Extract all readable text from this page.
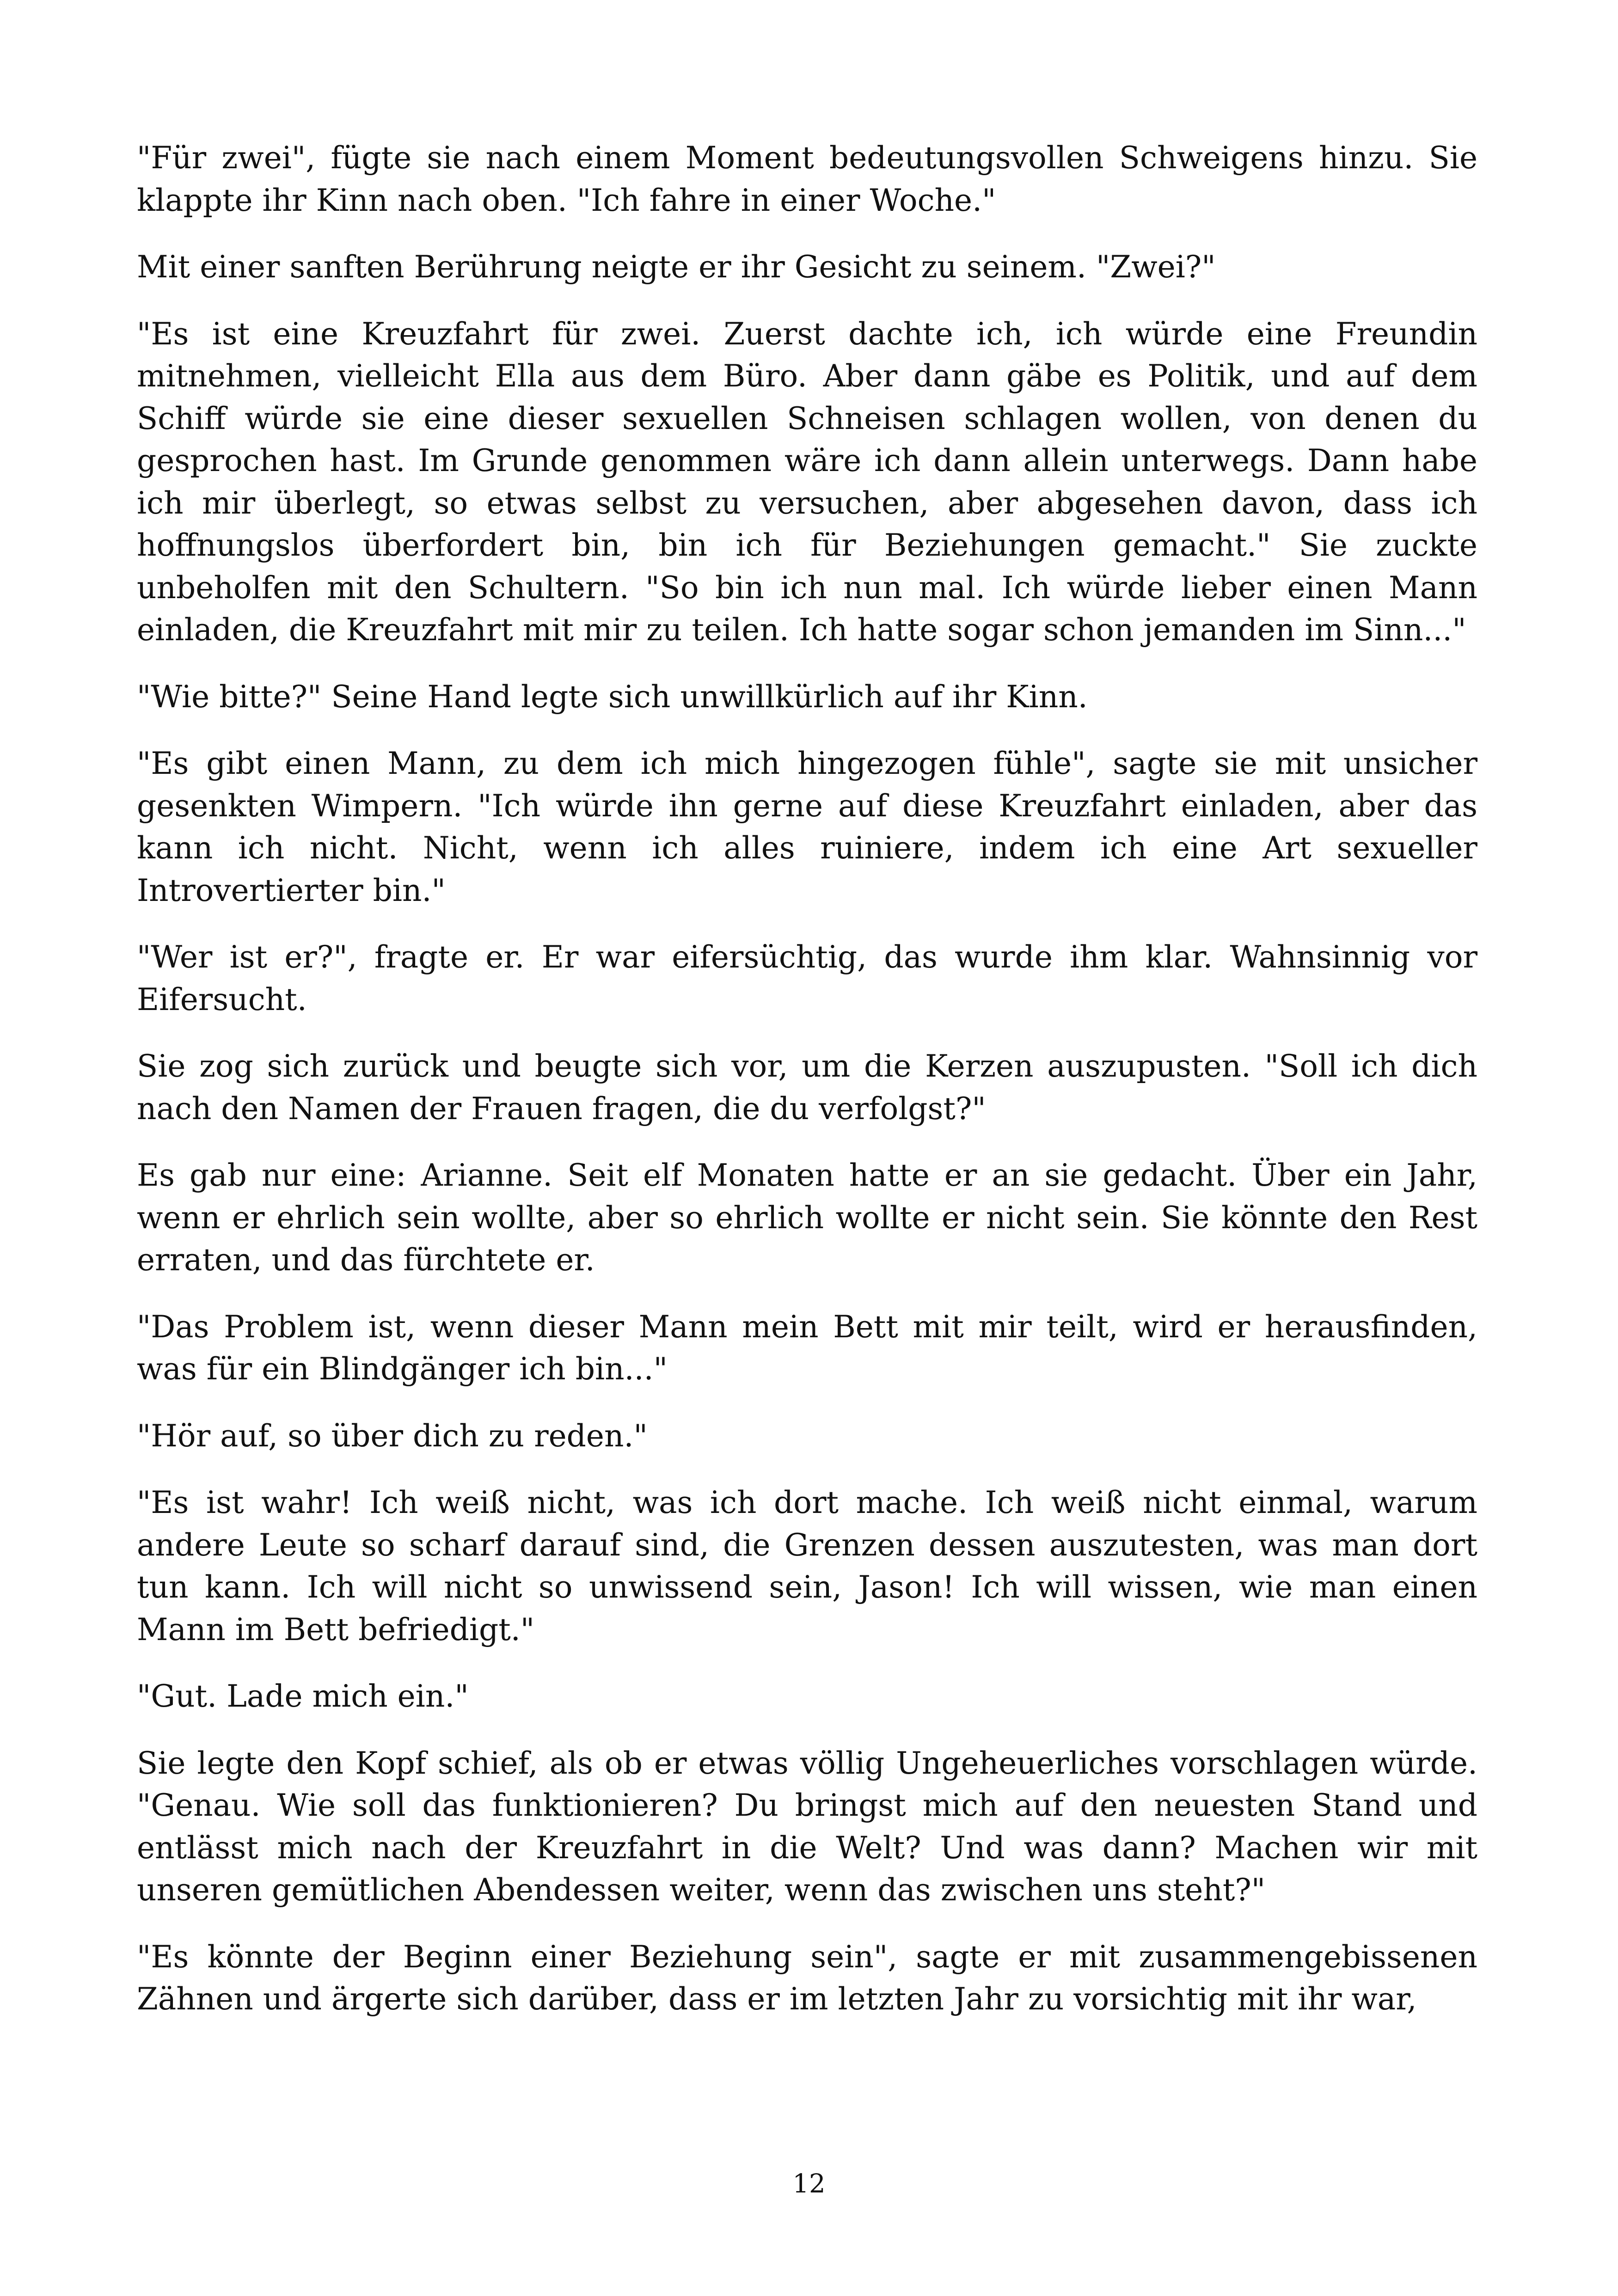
"Für zwei", fügte sie nach einem Moment bedeutungsvollen Schweigens hinzu. Sie klappte ihr Kinn nach oben. "Ich fahre in einer Woche."

Mit einer sanften Berührung neigte er ihr Gesicht zu seinem. "Zwei?"

"Es ist eine Kreuzfahrt für zwei. Zuerst dachte ich, ich würde eine Freundin mitnehmen, vielleicht Ella aus dem Büro. Aber dann gäbe es Politik, und auf dem Schiff würde sie eine dieser sexuellen Schneisen schlagen wollen, von denen du gesprochen hast. Im Grunde genommen wäre ich dann allein unterwegs. Dann habe ich mir überlegt, so etwas selbst zu versuchen, aber abgesehen davon, dass ich hoffnungslos überfordert bin, bin ich für Beziehungen gemacht." Sie zuckte unbeholfen mit den Schultern. "So bin ich nun mal. Ich würde lieber einen Mann einladen, die Kreuzfahrt mit mir zu teilen. Ich hatte sogar schon jemanden im Sinn..."

"Wie bitte?" Seine Hand legte sich unwillkürlich auf ihr Kinn.

"Es gibt einen Mann, zu dem ich mich hingezogen fühle", sagte sie mit unsicher gesenkten Wimpern. "Ich würde ihn gerne auf diese Kreuzfahrt einladen, aber das kann ich nicht. Nicht, wenn ich alles ruiniere, indem ich eine Art sexueller Introvertierter bin."

"Wer ist er?", fragte er. Er war eifersüchtig, das wurde ihm klar. Wahnsinnig vor Eifersucht.

Sie zog sich zurück und beugte sich vor, um die Kerzen auszupusten. "Soll ich dich nach den Namen der Frauen fragen, die du verfolgst?"

Es gab nur eine: Arianne. Seit elf Monaten hatte er an sie gedacht. Über ein Jahr, wenn er ehrlich sein wollte, aber so ehrlich wollte er nicht sein. Sie könnte den Rest erraten, und das fürchtete er.

"Das Problem ist, wenn dieser Mann mein Bett mit mir teilt, wird er herausfinden, was für ein Blindgänger ich bin..."

"Hör auf, so über dich zu reden."

"Es ist wahr! Ich weiß nicht, was ich dort mache. Ich weiß nicht einmal, warum andere Leute so scharf darauf sind, die Grenzen dessen auszutesten, was man dort tun kann. Ich will nicht so unwissend sein, Jason! Ich will wissen, wie man einen Mann im Bett befriedigt."

"Gut. Lade mich ein."

Sie legte den Kopf schief, als ob er etwas völlig Ungeheuerliches vorschlagen würde. "Genau. Wie soll das funktionieren? Du bringst mich auf den neuesten Stand und entlässt mich nach der Kreuzfahrt in die Welt? Und was dann? Machen wir mit unseren gemütlichen Abendessen weiter, wenn das zwischen uns steht?"

"Es könnte der Beginn einer Beziehung sein", sagte er mit zusammengebissenen Zähnen und ärgerte sich darüber, dass er im letzten Jahr zu vorsichtig mit ihr war,

12
